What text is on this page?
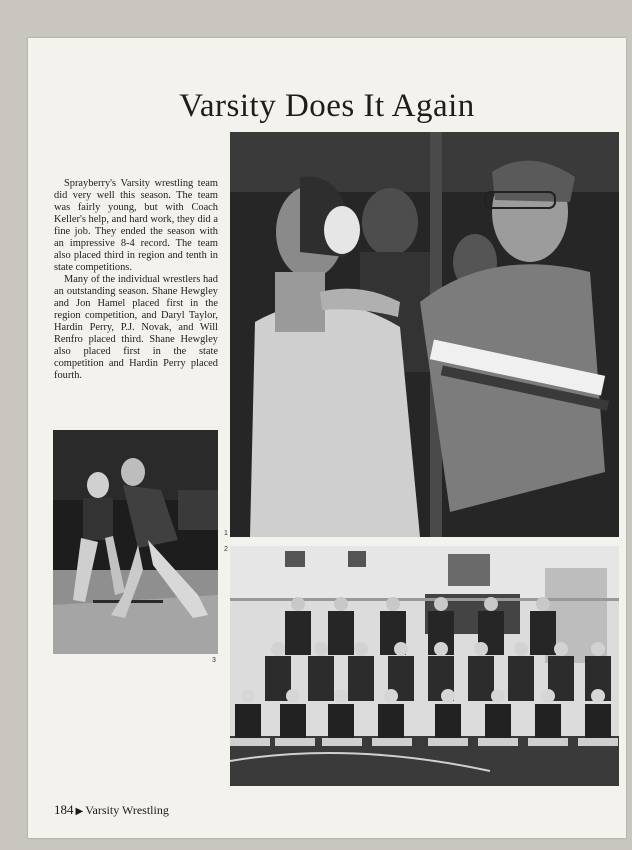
Varsity Does It Again

Sprayberry's Varsity wrestling team did very well this season. The team was fairly young, but with Coach Keller's help, and hard work, they did a fine job. They ended the season with an impressive 8-4 record. The team also placed third in region and tenth in state competitions.

Many of the individual wrestlers had an outstanding season. Shane Hewgley and Jon Hamel placed first in the region competition, and Daryl Taylor, Hardin Perry, P.J. Novak, and Will Renfro placed third. Shane Hewgley also placed first in the state competition and Hardin Perry placed fourth.

1
3
2
184 ▶ Varsity Wrestling
